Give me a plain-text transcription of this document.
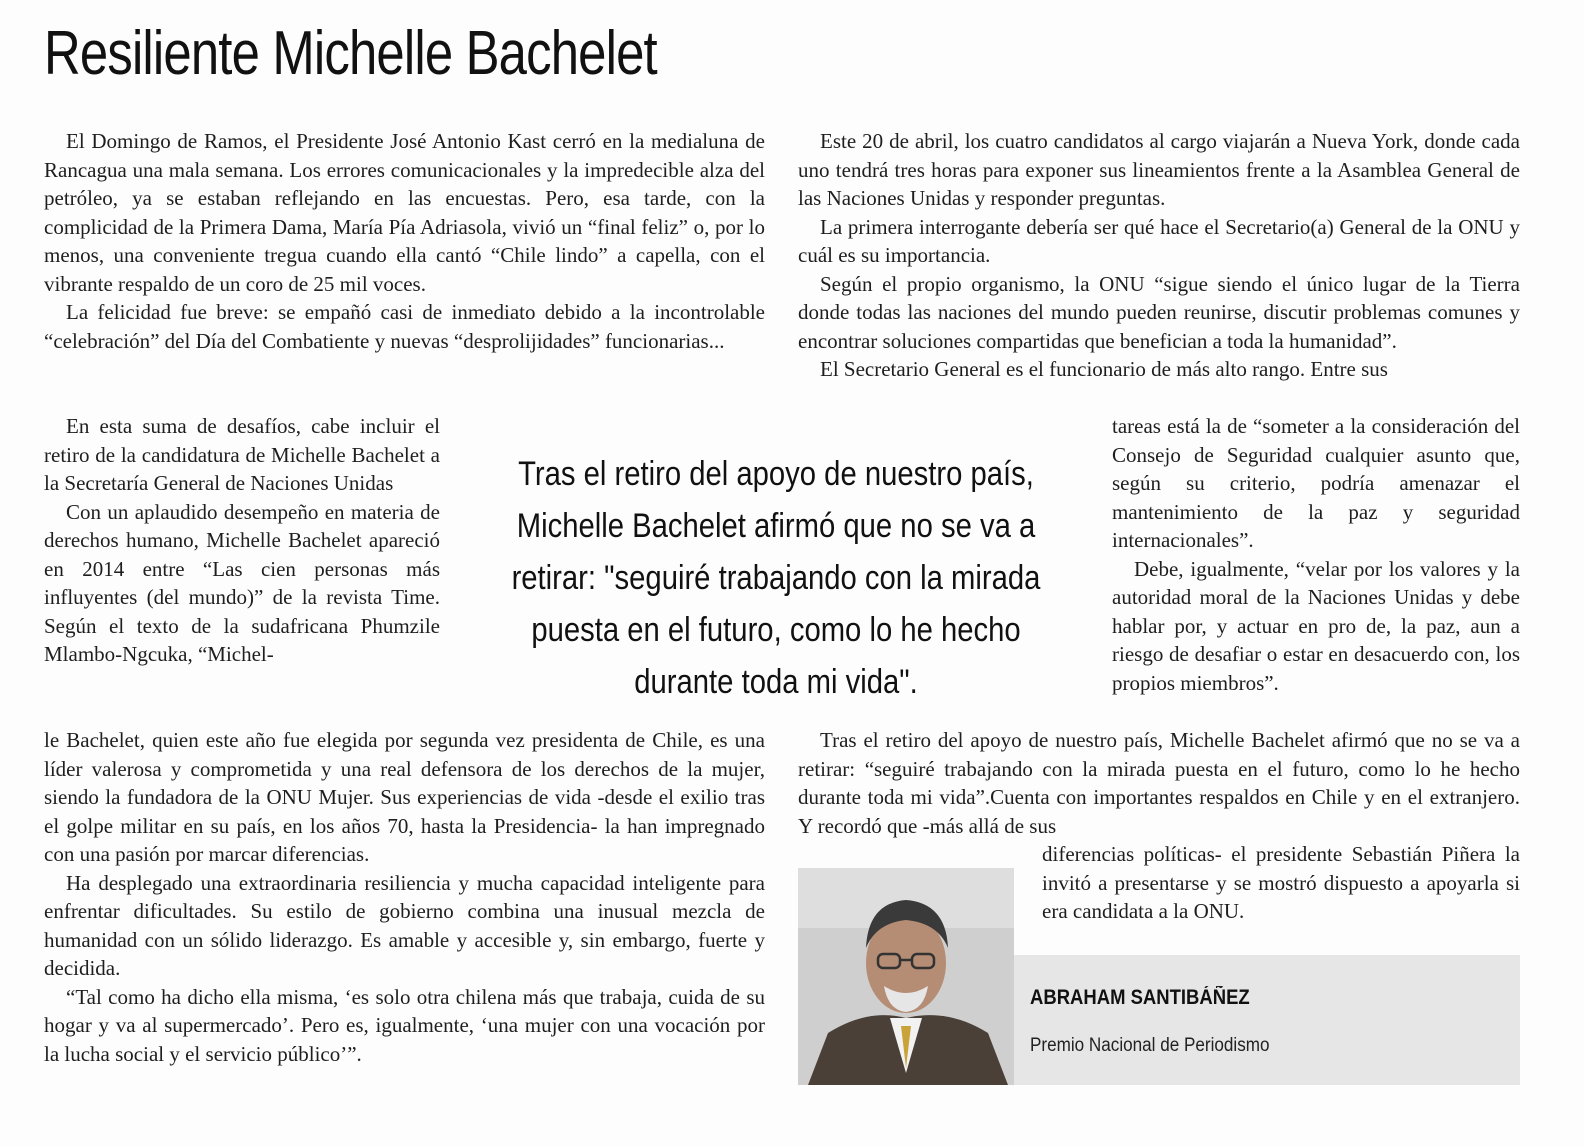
Resiliente Michelle Bachelet

El Domingo de Ramos, el Presidente José Antonio Kast cerró en la medialuna de Rancagua una mala semana. Los errores comunicacionales y la impredecible alza del petróleo, ya se estaban reflejando en las encuestas. Pero, esa tarde, con la complicidad de la Primera Dama, María Pía Adriasola, vivió un “final feliz” o, por lo menos, una conveniente tregua cuando ella cantó “Chile lindo” a capella, con el vibrante respaldo de un coro de 25 mil voces.

La felicidad fue breve: se empañó casi de inmediato debido a la incontrolable “celebración” del Día del Combatiente y nuevas “desprolijidades” funcionarias...

En esta suma de desafíos, cabe incluir el retiro de la candidatura de Michelle Bachelet a la Secretaría General de Naciones Unidas

Con un aplaudido desempeño en materia de derechos humano, Michelle Bachelet apareció en 2014 entre “Las cien personas más influyentes (del mundo)” de la revista Time. Según el texto de la sudafricana Phumzile Mlambo-Ngcuka, “Michel-

le Bachelet, quien este año fue elegida por segunda vez presidenta de Chile, es una líder valerosa y comprometida y una real defensora de los derechos de la mujer, siendo la fundadora de la ONU Mujer. Sus experiencias de vida -desde el exilio tras el golpe militar en su país, en los años 70, hasta la Presidencia- la han impregnado con una pasión por marcar diferencias.

Ha desplegado una extraordinaria resiliencia y mucha capacidad inteligente para enfrentar dificultades. Su estilo de gobierno combina una inusual mezcla de humanidad con un sólido liderazgo. Es amable y accesible y, sin embargo, fuerte y decidida.

“Tal como ha dicho ella misma, ‘es solo otra chilena más que trabaja, cuida de su hogar y va al supermercado’. Pero es, igualmente, ‘una mujer con una vocación por la lucha social y el servicio público’”.

Este 20 de abril, los cuatro candidatos al cargo viajarán a Nueva York, donde cada uno tendrá tres horas para exponer sus lineamientos frente a la Asamblea General de las Naciones Unidas y responder preguntas.

La primera interrogante debería ser qué hace el Secretario(a) General de la ONU y cuál es su importancia.

Según el propio organismo, la ONU “sigue siendo el único lugar de la Tierra donde todas las naciones del mundo pueden reunirse, discutir problemas comunes y encontrar soluciones compartidas que benefician a toda la humanidad”.

El Secretario General es el funcionario de más alto rango. Entre sus

tareas está la de “someter a la consideración del Consejo de Seguridad cualquier asunto que, según su criterio, podría amenazar el mantenimiento de la paz y seguridad internacionales”.

Debe, igualmente, “velar por los valores y la autoridad moral de la Naciones Unidas y debe hablar por, y actuar en pro de, la paz, aun a riesgo de desafiar o estar en desacuerdo con, los propios miembros”.

Tras el retiro del apoyo de nuestro país, Michelle Bachelet afirmó que no se va a retirar: “seguiré trabajando con la mirada puesta en el futuro, como lo he hecho durante toda mi vida”.Cuenta con importantes respaldos en Chile y en el extranjero. Y recordó que -más allá de sus

diferencias políticas- el presidente Sebastián Piñera la invitó a presentarse y se mostró dispuesto a apoyarla si era candidata a la ONU.

Tras el retiro del apoyo de nuestro país, Michelle Bachelet afirmó que no se va a retirar: "seguiré trabajando con la mirada puesta en el futuro, como lo he hecho durante toda mi vida".

ABRAHAM SANTIBÁÑEZ

Premio Nacional de Periodismo
